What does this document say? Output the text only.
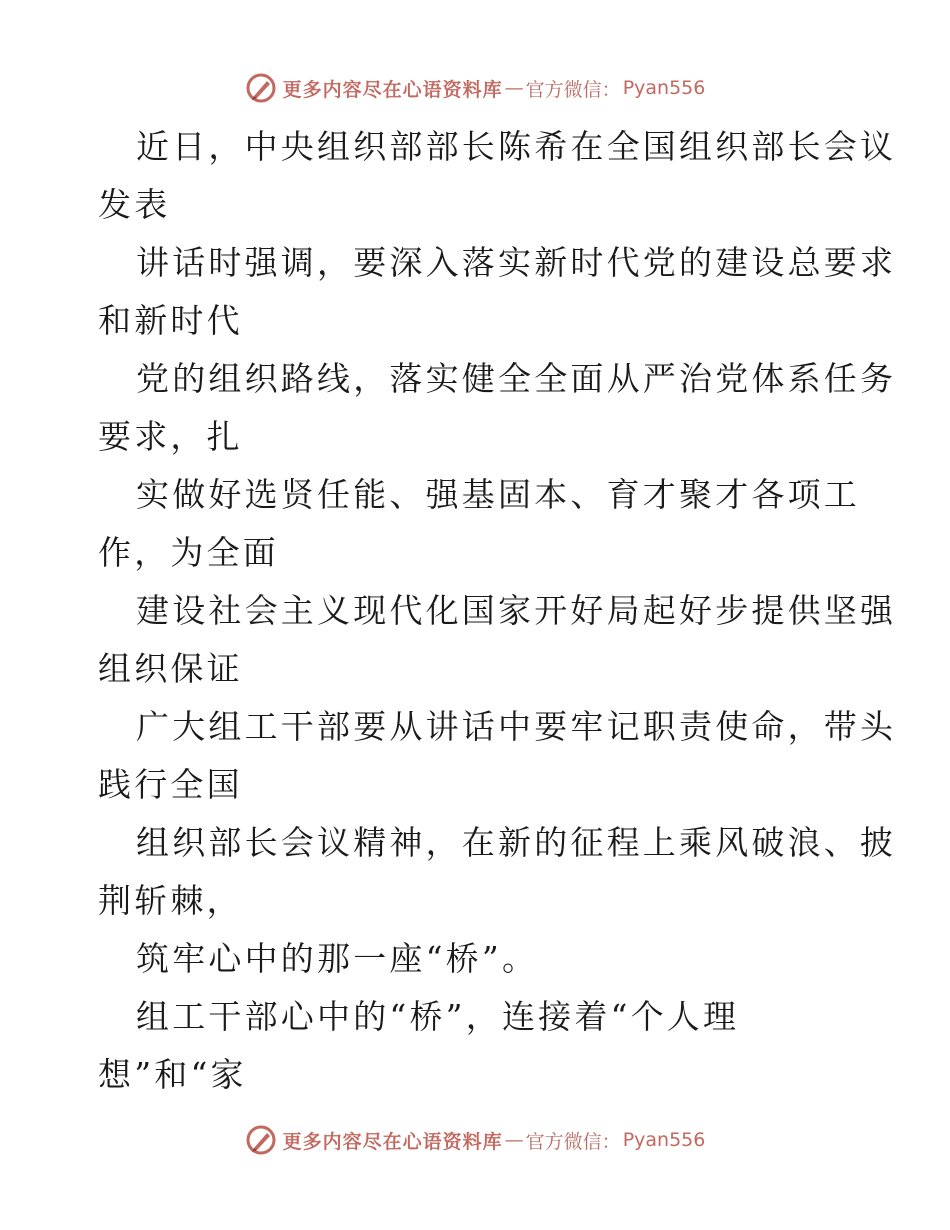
更多内容尽在心语资料库 — 官方微信： Pyan556

近日，中央组织部部长陈希在全国组织部长会议
发表

讲话时强调，要深入落实新时代党的建设总要求
和新时代

党的组织路线，落实健全全面从严治党体系任务
要求，扎

实做好选贤任能、强基固本、育才聚才各项工
作，为全面

建设社会主义现代化国家开好局起好步提供坚强
组织保证

广大组工干部要从讲话中要牢记职责使命，带头
践行全国

组织部长会议精神，在新的征程上乘风破浪、披
荆斩棘，

筑牢心中的那一座“桥”。

组工干部心中的“桥”，连接着“个人理
想”和“家

更多内容尽在心语资料库 — 官方微信： Pyan556
